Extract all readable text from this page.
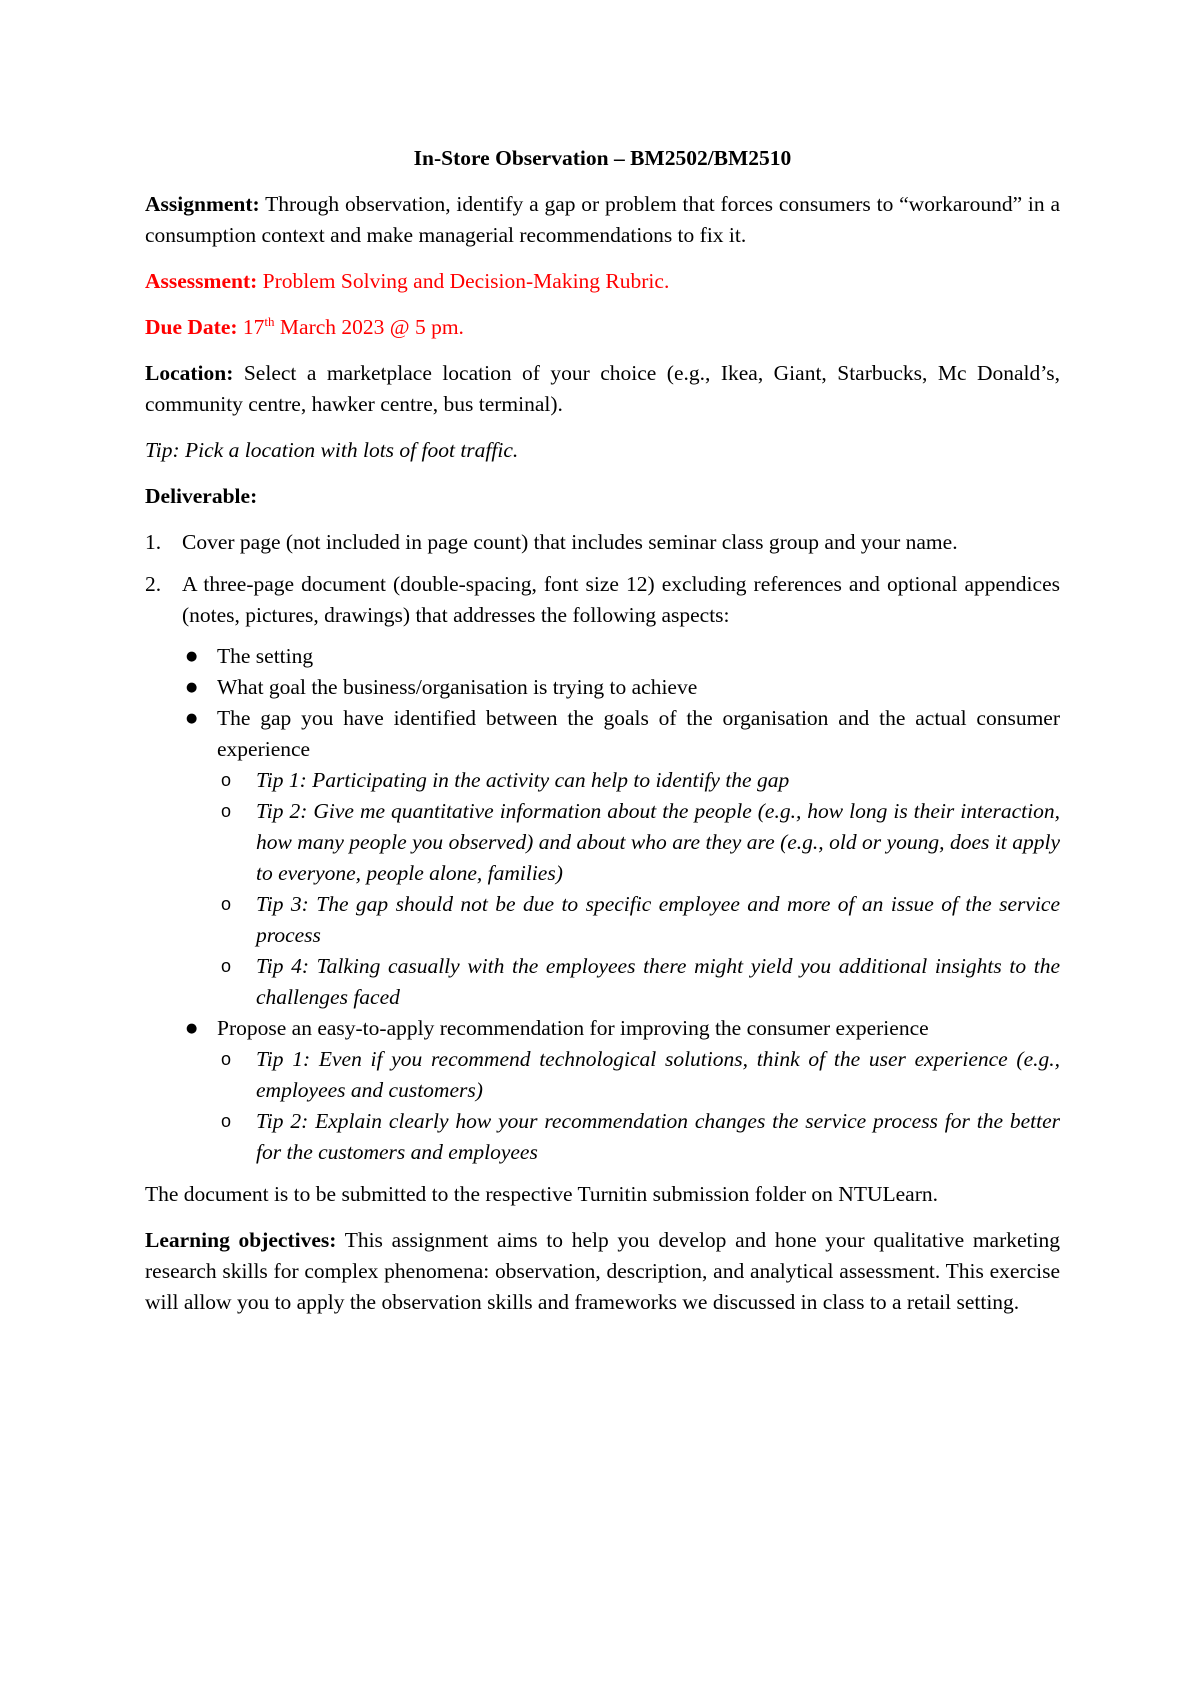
In-Store Observation – BM2502/BM2510

Assignment: Through observation, identify a gap or problem that forces consumers to “workaround” in a consumption context and make managerial recommendations to fix it.

Assessment: Problem Solving and Decision-Making Rubric.

Due Date: 17th March 2023 @ 5 pm.

Location: Select a marketplace location of your choice (e.g., Ikea, Giant, Starbucks, Mc Donald’s, community centre, hawker centre, bus terminal).

Tip: Pick a location with lots of foot traffic.

Deliverable:

1. Cover page (not included in page count) that includes seminar class group and your name.
2. A three-page document (double-spacing, font size 12) excluding references and optional appendices (notes, pictures, drawings) that addresses the following aspects:
● The setting
● What goal the business/organisation is trying to achieve
● The gap you have identified between the goals of the organisation and the actual consumer experience
o Tip 1: Participating in the activity can help to identify the gap
o Tip 2: Give me quantitative information about the people (e.g., how long is their interaction, how many people you observed) and about who are they are (e.g., old or young, does it apply to everyone, people alone, families)
o Tip 3: The gap should not be due to specific employee and more of an issue of the service process
o Tip 4: Talking casually with the employees there might yield you additional insights to the challenges faced
● Propose an easy-to-apply recommendation for improving the consumer experience
o Tip 1: Even if you recommend technological solutions, think of the user experience (e.g., employees and customers)
o Tip 2: Explain clearly how your recommendation changes the service process for the better for the customers and employees

The document is to be submitted to the respective Turnitin submission folder on NTULearn.

Learning objectives: This assignment aims to help you develop and hone your qualitative marketing research skills for complex phenomena: observation, description, and analytical assessment. This exercise will allow you to apply the observation skills and frameworks we discussed in class to a retail setting.
